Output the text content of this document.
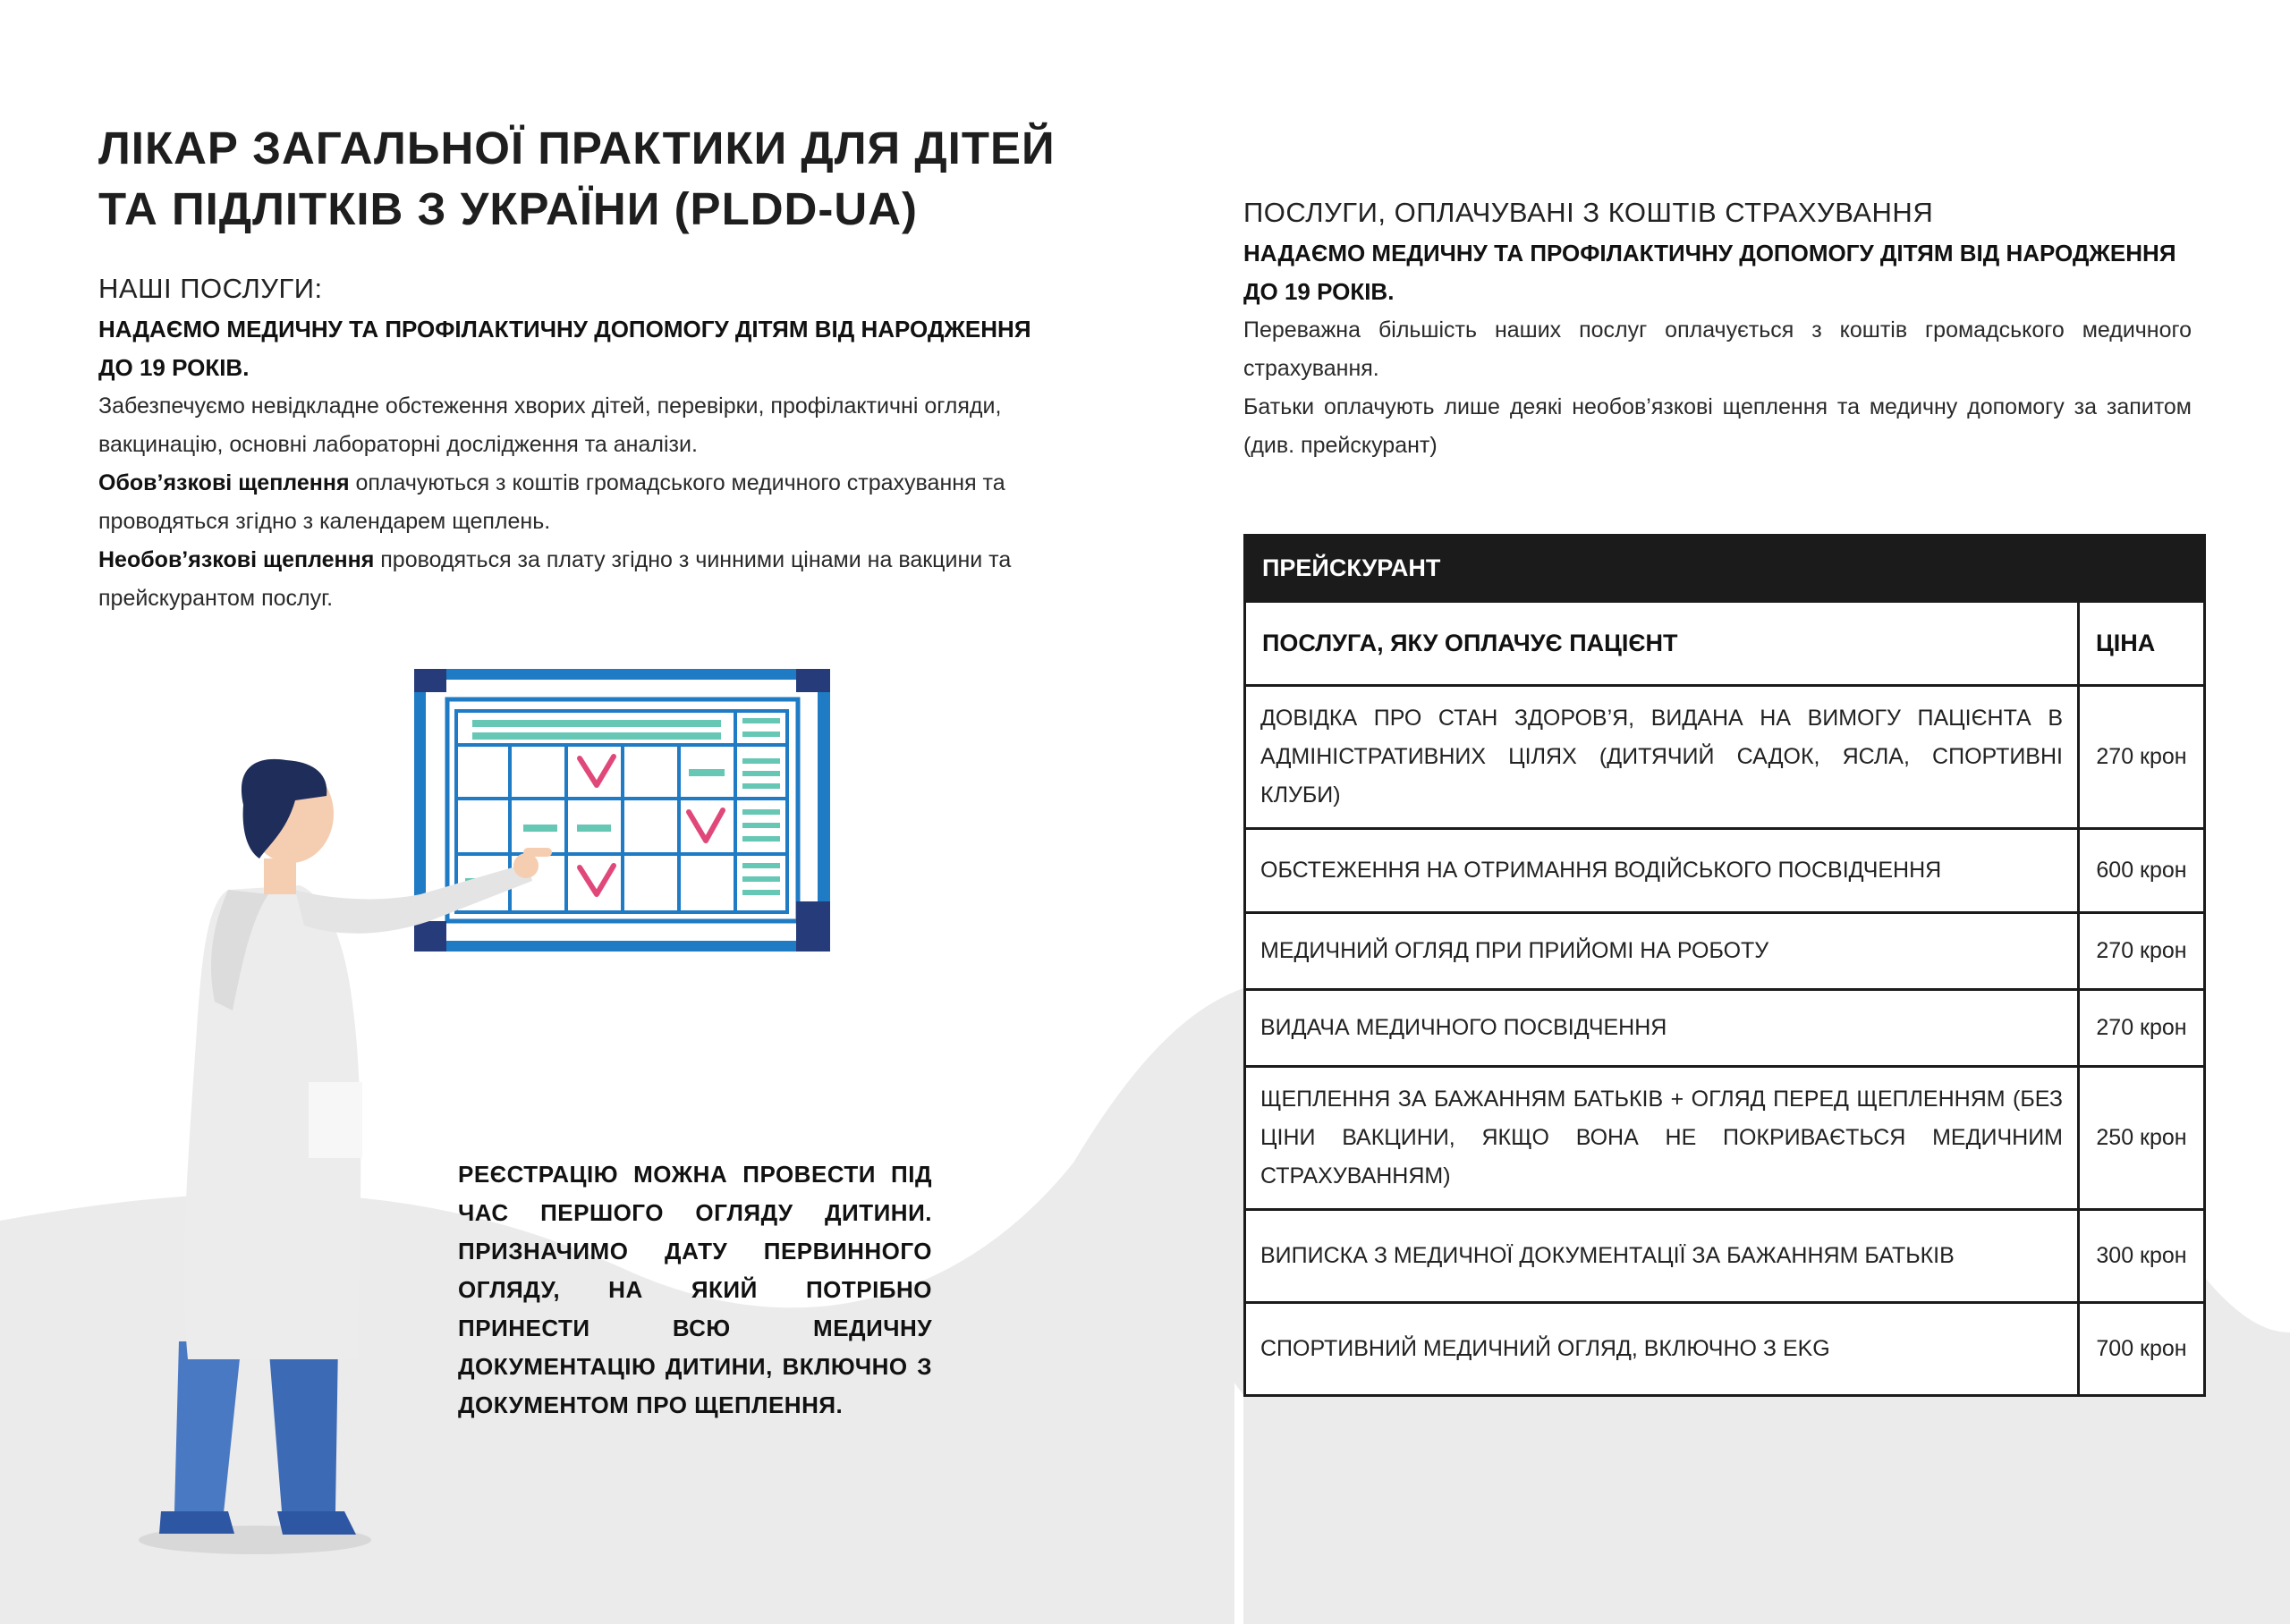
ЛІКАР ЗАГАЛЬНОЇ ПРАКТИКИ ДЛЯ ДІТЕЙ
ТА ПІДЛІТКІВ З УКРАЇНИ (PLDD-UA)

НАШІ ПОСЛУГИ:

НАДАЄМО МЕДИЧНУ ТА ПРОФІЛАКТИЧНУ ДОПОМОГУ ДІТЯМ ВІД НАРОДЖЕННЯ ДО 19 РОКІВ.

Забезпечуємо невідкладне обстеження хворих дітей, перевірки, профілактичні огляди, вакцинацію, основні лабораторні дослідження та аналізи.

Обов’язкові щеплення оплачуються з коштів громадського медичного страхування та проводяться згідно з календарем щеплень.

Необов’язкові щеплення проводяться за плату згідно з чинними цінами на вакцини та прейскурантом послуг.

ПОСЛУГИ, ОПЛАЧУВАНІ З КОШТІВ СТРАХУВАННЯ

НАДАЄМО МЕДИЧНУ ТА ПРОФІЛАКТИЧНУ ДОПОМОГУ ДІТЯМ ВІД НАРОДЖЕННЯ ДО 19 РОКІВ.

Переважна більшість наших послуг оплачується з коштів громадського медичного страхування.

Батьки оплачують лише деякі необов’язкові щеплення та медичну допомогу за запитом (див. прейскурант)

РЕЄСТРАЦІЮ МОЖНА ПРОВЕСТИ ПІД ЧАС ПЕРШОГО ОГЛЯДУ ДИТИНИ. ПРИЗНАЧИМО ДАТУ ПЕРВИННОГО ОГЛЯДУ, НА ЯКИЙ ПОТРІБНО ПРИНЕСТИ ВСЮ МЕДИЧНУ ДОКУМЕНТАЦІЮ ДИТИНИ, ВКЛЮЧНО З ДОКУМЕНТОМ ПРО ЩЕПЛЕННЯ.
ПРЕЙСКУРАНТ	
ПОСЛУГА, ЯКУ ОПЛАЧУЄ ПАЦІЄНТ	ЦІНА
ДОВІДКА ПРО СТАН ЗДОРОВ’Я, ВИДАНА НА ВИМОГУ ПАЦІЄНТА В АДМІНІСТРАТИВНИХ ЦІЛЯХ (ДИТЯЧИЙ САДОК, ЯСЛА, СПОРТИВНІ КЛУБИ)	270 крон
ОБСТЕЖЕННЯ НА ОТРИМАННЯ ВОДІЙСЬКОГО ПОСВІДЧЕННЯ	600 крон
МЕДИЧНИЙ ОГЛЯД ПРИ ПРИЙОМІ НА РОБОТУ	270 крон
ВИДАЧА МЕДИЧНОГО ПОСВІДЧЕННЯ	270 крон
ЩЕПЛЕННЯ ЗА БАЖАННЯМ БАТЬКІВ + ОГЛЯД ПЕРЕД ЩЕПЛЕННЯМ (БЕЗ ЦІНИ ВАКЦИНИ, ЯКЩО ВОНА НЕ ПОКРИВАЄТЬСЯ МЕДИЧНИМ СТРАХУВАННЯМ)	250 крон
ВИПИСКА З МЕДИЧНОЇ ДОКУМЕНТАЦІЇ ЗА БАЖАННЯМ БАТЬКІВ	300 крон
СПОРТИВНИЙ МЕДИЧНИЙ ОГЛЯД, ВКЛЮЧНО З EKG	700 крон
